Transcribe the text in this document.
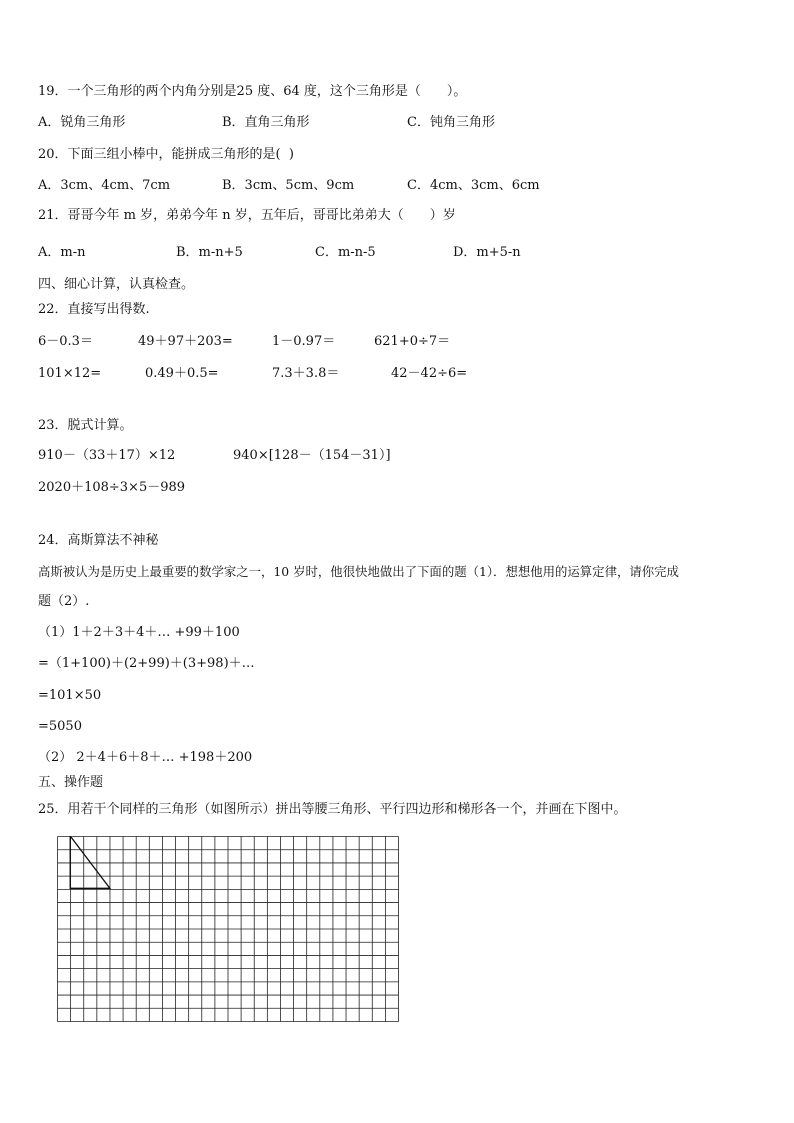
19．一个三角形的两个内角分别是25 度、64 度，这个三角形是（　　）。
A．锐角三角形	B．直角三角形	C．钝角三角形
20．下面三组小棒中，能拼成三角形的是(  )
A．3cm、4cm、7cm	B．3cm、5cm、9cm	C．4cm、3cm、6cm
21．哥哥今年 m 岁，弟弟今年 n 岁，五年后，哥哥比弟弟大（　　）岁
A．m-n	B．m-n+5	C．m-n-5	D．m+5-n
四、细心计算，认真检查。
22．直接写出得数.
6－0.3＝	49＋97＋203=	1－0.97＝	621+0÷7＝
101×12=	0.49＋0.5=	7.3＋3.8＝	42－42÷6=
23．脱式计算。
910－（33＋17）×12	940×[128－（154－31）]
2020＋108÷3×5－989
24．高斯算法不神秘
高斯被认为是历史上最重要的数学家之一，10 岁时，他很快地做出了下面的题（1）．想想他用的运算定律，请你完成
题（2）.
（1）1＋2＋3＋4＋… +99＋100
=（1+100)＋(2+99)＋(3+98)＋…
=101×50
=5050
（2） 2＋4＋6＋8＋… +198＋200
五、操作题
25．用若干个同样的三角形（如图所示）拼出等腰三角形、平行四边形和梯形各一个，并画在下图中。
